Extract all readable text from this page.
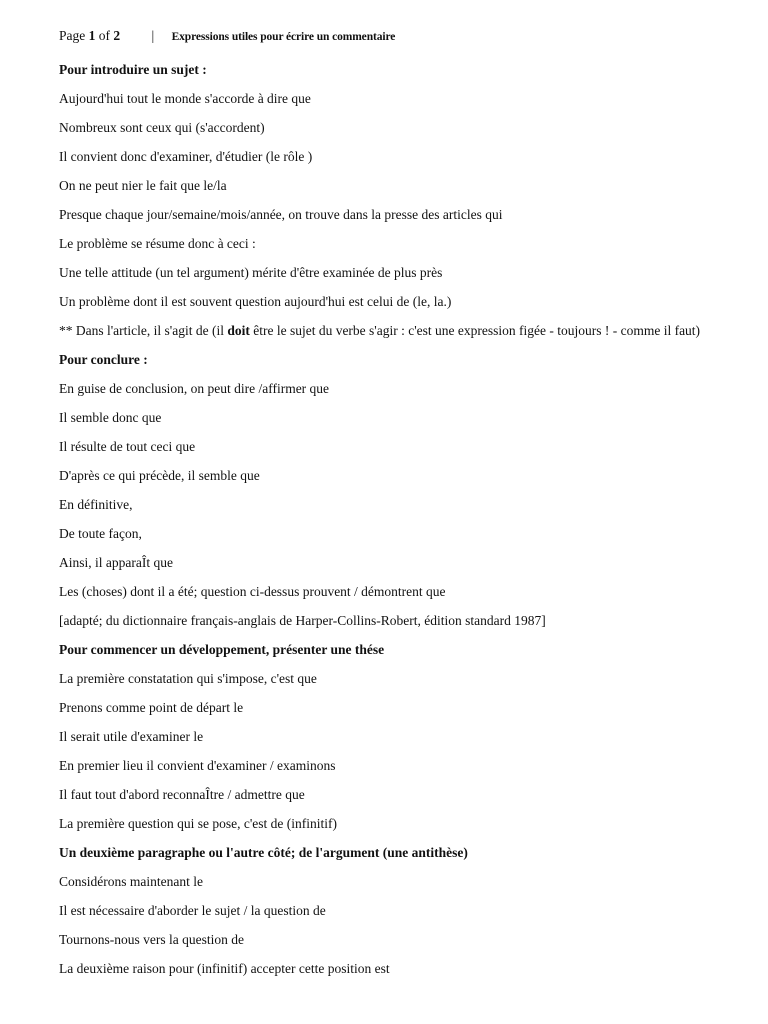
Page 1 of 2 | Expressions utiles pour écrire un commentaire
Pour introduire un sujet :
Aujourd'hui tout le monde s'accorde à dire que
Nombreux sont ceux qui (s'accordent)
Il convient donc d'examiner, d'étudier (le rôle )
On ne peut nier le fait que le/la
Presque chaque jour/semaine/mois/année, on trouve dans la presse des articles qui
Le problème se résume donc à ceci :
Une telle attitude (un tel argument) mérite d'être examinée de plus près
Un problème dont il est souvent question aujourd'hui est celui de (le, la.)
** Dans l'article, il s'agit de (il doit être le sujet du verbe s'agir : c'est une expression figée - toujours ! - comme il faut)
Pour conclure :
En guise de conclusion, on peut dire /affirmer que
Il semble donc que
Il résulte de tout ceci que
D'après ce qui précède, il semble que
En définitive,
De toute façon,
Ainsi, il apparaÎt que
Les (choses) dont il a été; question ci-dessus prouvent / démontrent que
[adapté; du dictionnaire français-anglais de Harper-Collins-Robert, édition standard 1987]
Pour commencer un développement, présenter une thése
La première constatation qui s'impose, c'est que
Prenons comme point de départ le
Il serait utile d'examiner le
En premier lieu il convient d'examiner / examinons
Il faut tout d'abord reconnaÎtre / admettre que
La première question qui se pose, c'est de (infinitif)
Un deuxième paragraphe ou l'autre côté; de l'argument (une antithèse)
Considérons maintenant le
Il est nécessaire d'aborder le sujet / la question de
Tournons-nous vers la question de
La deuxième raison pour (infinitif) accepter cette position est
